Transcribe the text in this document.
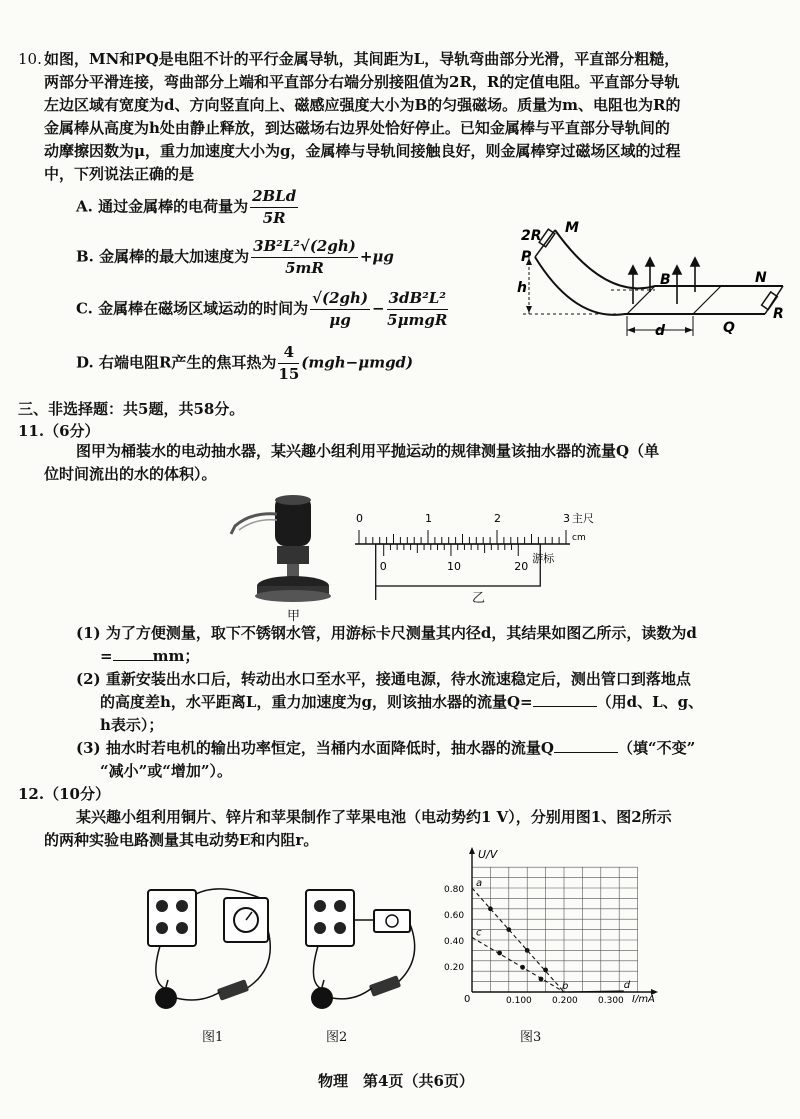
10. 如图，MN和PQ是电阻不计的平行金属导轨，其间距为L，导轨弯曲部分光滑，平直部分粗糙，
两部分平滑连接，弯曲部分上端和平直部分右端分别接阻值为2R，R的定值电阻。平直部分导轨
左边区域有宽度为d、方向竖直向上、磁感应强度大小为B的匀强磁场。质量为m、电阻也为R的
金属棒从高度为h处由静止释放，到达磁场右边界处恰好停止。已知金属棒与平直部分导轨间的
动摩擦因数为μ，重力加速度大小为g，金属棒与导轨间接触良好，则金属棒穿过磁场区域的过程
中，下列说法正确的是
A. 通过金属棒的电荷量为 $\frac{\text{2BLd}}{5R}$
B. 金属棒的最大加速度为 $\frac{\text{3B²L²√(2gh)}}{5mR} +\mu g$
C. 金属棒在磁场区域运动的时间为 $\frac{√(2gh)}{\mu g} - \frac{\text{3dB²L²}}{\text{5μmgR}}$
D. 右端电阻R产生的焦耳热为 $\frac{4}{15} (mgh-\mu mgd)$
2R M
P
h	B	N
d	Q
R
三、非选择题：共5题，共58分。
11.（6分）
图甲为桶装水的电动抽水器，某兴趣小组利用平抛运动的规律测量该抽水器的流量Q（单
位时间流出的水的体积）。
甲
0	1	2	3 主尺
cm
0	10	20
游标
乙
(1) 为了方便测量，取下不锈钢水管，用游标卡尺测量其内径d，其结果如图乙所示，读数为d
=	mm；
(2) 重新安装出水口后，转动出水口至水平，接通电源，待水流速稳定后，测出管口到落地点
的高度差h，水平距离L，重力加速度为g，则该抽水器的流量Q=	（用d、L、g、
h表示）；
(3) 抽水时若电机的输出功率恒定，当桶内水面降低时，抽水器的流量Q	（填“不变”
“减小”或“增加”）。
12.（10分）
某兴趣小组利用铜片、锌片和苹果制作了苹果电池（电动势约1 V），分别用图1、图2所示
的两种实验电路测量其电动势E和内阻r。
图1	图2
0.20
0.40
0.60
0.80
0.100 0.200 0.300
U/V
I/mA
0
a
b
c
d
图3
物理　第4页（共6页）
